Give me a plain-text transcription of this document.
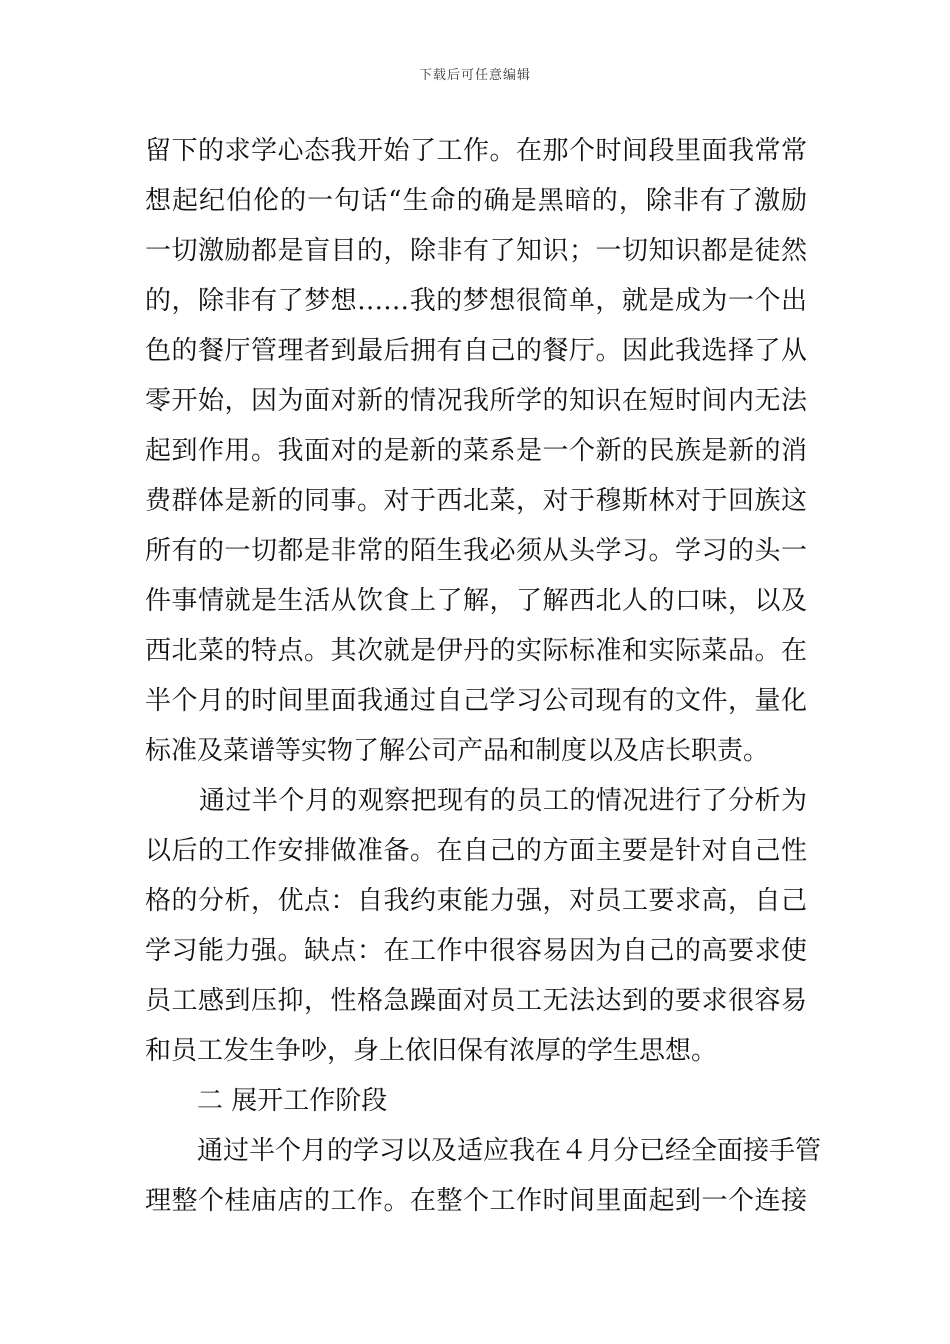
下载后可任意编辑
留下的求学心态我开始了工作。在那个时间段里面我常常
想起纪伯伦的一句话“生命的确是黑暗的，除非有了激励
一切激励都是盲目的，除非有了知识；一切知识都是徒然
的，除非有了梦想……我的梦想很简单，就是成为一个出
色的餐厅管理者到最后拥有自己的餐厅。因此我选择了从
零开始，因为面对新的情况我所学的知识在短时间内无法
起到作用。我面对的是新的菜系是一个新的民族是新的消
费群体是新的同事。对于西北菜，对于穆斯林对于回族这
所有的一切都是非常的陌生我必须从头学习。学习的头一
件事情就是生活从饮食上了解，了解西北人的口味，以及
西北菜的特点。其次就是伊丹的实际标准和实际菜品。在
半个月的时间里面我通过自己学习公司现有的文件，量化
标准及菜谱等实物了解公司产品和制度以及店长职责。
通过半个月的观察把现有的员工的情况进行了分析为
以后的工作安排做准备。在自己的方面主要是针对自己性
格的分析，优点：自我约束能力强，对员工要求高，自己
学习能力强。缺点：在工作中很容易因为自己的高要求使
员工感到压抑，性格急躁面对员工无法达到的要求很容易
和员工发生争吵，身上依旧保有浓厚的学生思想。
二 展开工作阶段
通过半个月的学习以及适应我在４月分已经全面接手管
理整个桂庙店的工作。在整个工作时间里面起到一个连接
